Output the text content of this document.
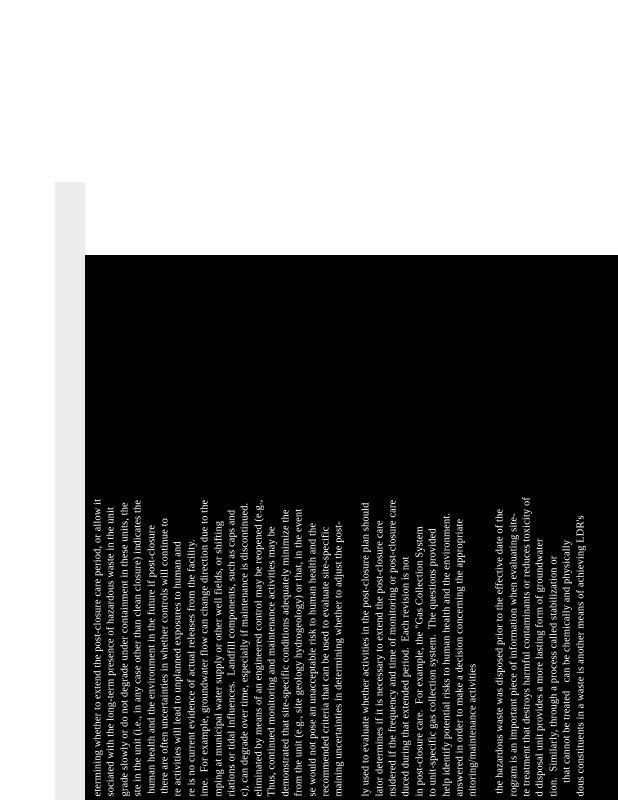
etermining whether to extend the post-closure care period, or allow it sociated with the long-term presence of hazardous waste in the unit grade slowly or do not degrade under containment in these units, the ste in the unit (i.e., in any case other than clean closure) indicates the human health and the environment in the future if post-closure there are often uncertainties in whether controls will continue to re activities will lead to unplanned exposures to human and re is no current evidence of actual releases from the facility. ime.  For example, groundwater flow can change direction due to the mping at municipal water supply or other well fields, or shifting riations or tidal influences.  Landfill components, such as caps and c), can degrade over time, especially if maintenance is discontinued. eliminated by means of an engineered control may be reopened (e.g., Thus, continued monitoring and maintenance activities may be demonstrated that site-specific conditions adequately minimize the from the unit (e.g., site geology hydrogeology) or that, in the event se would not pose an unacceptable risk to human health and the recommended criteria that can be used to evaluate site-specific maining uncertainties in determining whether to adjust the post-
ly used to evaluate whether activities in the post-closure plan should lator determines if it is necessary to extend the post-closure care nsidered if the frequency and time of monitoring or post-closure care duced during that extended period.  Each revision is not in post-closure care.  For example, the "Gas Collection System to unit-specific gas collection system.  The questions provided help identify potential risks to human health and the environment. answered in order to make a decision concerning the appropriate nitoring/maintenance activities
the hazardous waste was disposed prior to the effective date of the rogram is an important piece of information when evaluating site- te treatment that destroys harmful contaminants or reduces toxicity of d disposal unit provides a more lasting form of groundwater tion.  Similarly, through a process called stabilization or that cannot be treated   can be chemically and physically dous constituents in a waste is another means of achieving LDR's
